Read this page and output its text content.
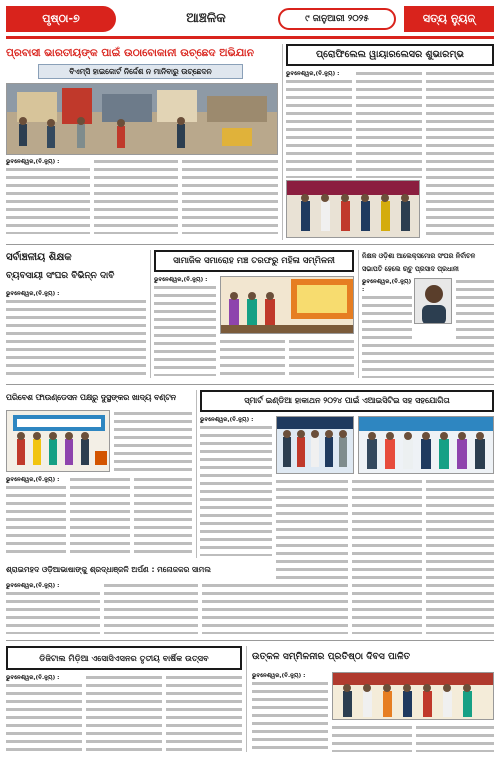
ପୃଷ୍ଠା-୭	ଆଞ୍ଚଳିକ	୯ ଜାନୁଆରୀ ୨୦୨୫	ସତ୍ୟ ନ୍ୟୁଜ୍
ପ୍ରବାସୀ ଭାରତୀୟଙ୍କ ପାଇଁ ଉଠାବୋକାନୀ ଉଚ୍ଛେଦ ଅଭିଯାନ
ବିଏମ୍‌ସି ହାଇକୋର୍ଟ ନିର୍ଦ୍ଦେଶ ନ ମାନିବାରୁ ଉଚ୍ଛେଦନ
ଭୁବନେଶ୍ୱର,(ବି.ନ୍ୟୁ) :
ପ୍ରୋଫିଲେଲ ୱାୟାରଲେସର ଶୁଭାରମ୍ଭ
ଭୁବନେଶ୍ୱର,(ବି.ନ୍ୟୁ) :
ସର୍ବାଞ୍ଚଳୀୟ ଶିକ୍ଷକ
ବ୍ୟବସାୟୀ ସଂଘର ବିଭିନ୍ନ ଦାବି
ଭୁବନେଶ୍ୱର,(ବି.ନ୍ୟୁ) :
ସାମାଜିକ ସମାରୋହ ମଞ୍ଚ ତରଫରୁ ମହିଳା ସମ୍ମିଳନୀ
ଭୁବନେଶ୍ୱର,(ବି.ନ୍ୟୁ) :
ନିକ୍ଷଳ ଓଡ଼ିଶା ଆଲେକ୍ସମୋର ସଂଘର ନିର୍ବାଚନ
ସଭାପତି ହେଲେ ଋଚୁ ପ୍ରସାଦ ପ୍ରଧାନୀ
ଭୁବନେଶ୍ୱର,(ବି.ନ୍ୟୁ) :
ପରିବେଶ ଫାଉଣ୍ଡେସନ ପକ୍ଷରୁ ଦୁସ୍ଥଙ୍କର ଖାଦ୍ୟ ବଣ୍ଟନ
ଭୁବନେଶ୍ୱର,(ବି.ନ୍ୟୁ) :
ଶ୍ରାଇମହଦ ଓଡ଼ିଆଭାଷାଙ୍କୁ ଶ୍ରଦ୍ଧାଞ୍ଜଳି ଅର୍ପଣ : ମନୋଜକର ସାମଲ
ଭୁବନେଶ୍ୱର,(ବି.ନ୍ୟୁ) :
ସ୍ମାର୍ଟ ଇଣ୍ଡିଆ ହାକାଥନ ୨୦୨୪ ପାଇଁ ଏଆଇସିଟିଇ ସହ ସହଯୋଗିତା
ଭୁବନେଶ୍ୱର,(ବି.ନ୍ୟୁ) :
ଡିଜିଟାଲ ମିଡ଼ିଆ ଏସୋସିଏସନର ତୃତୀୟ ବାର୍ଷିକ ଉତ୍ସବ
ଭୁବନେଶ୍ୱର,(ବି.ନ୍ୟୁ) :
ଉତ୍କଳ ସମ୍ମିଳନୀର ପ୍ରତିଷ୍ଠା ଦିବସ ପାଳିତ
ଭୁବନେଶ୍ୱର,(ବି.ନ୍ୟୁ) :
